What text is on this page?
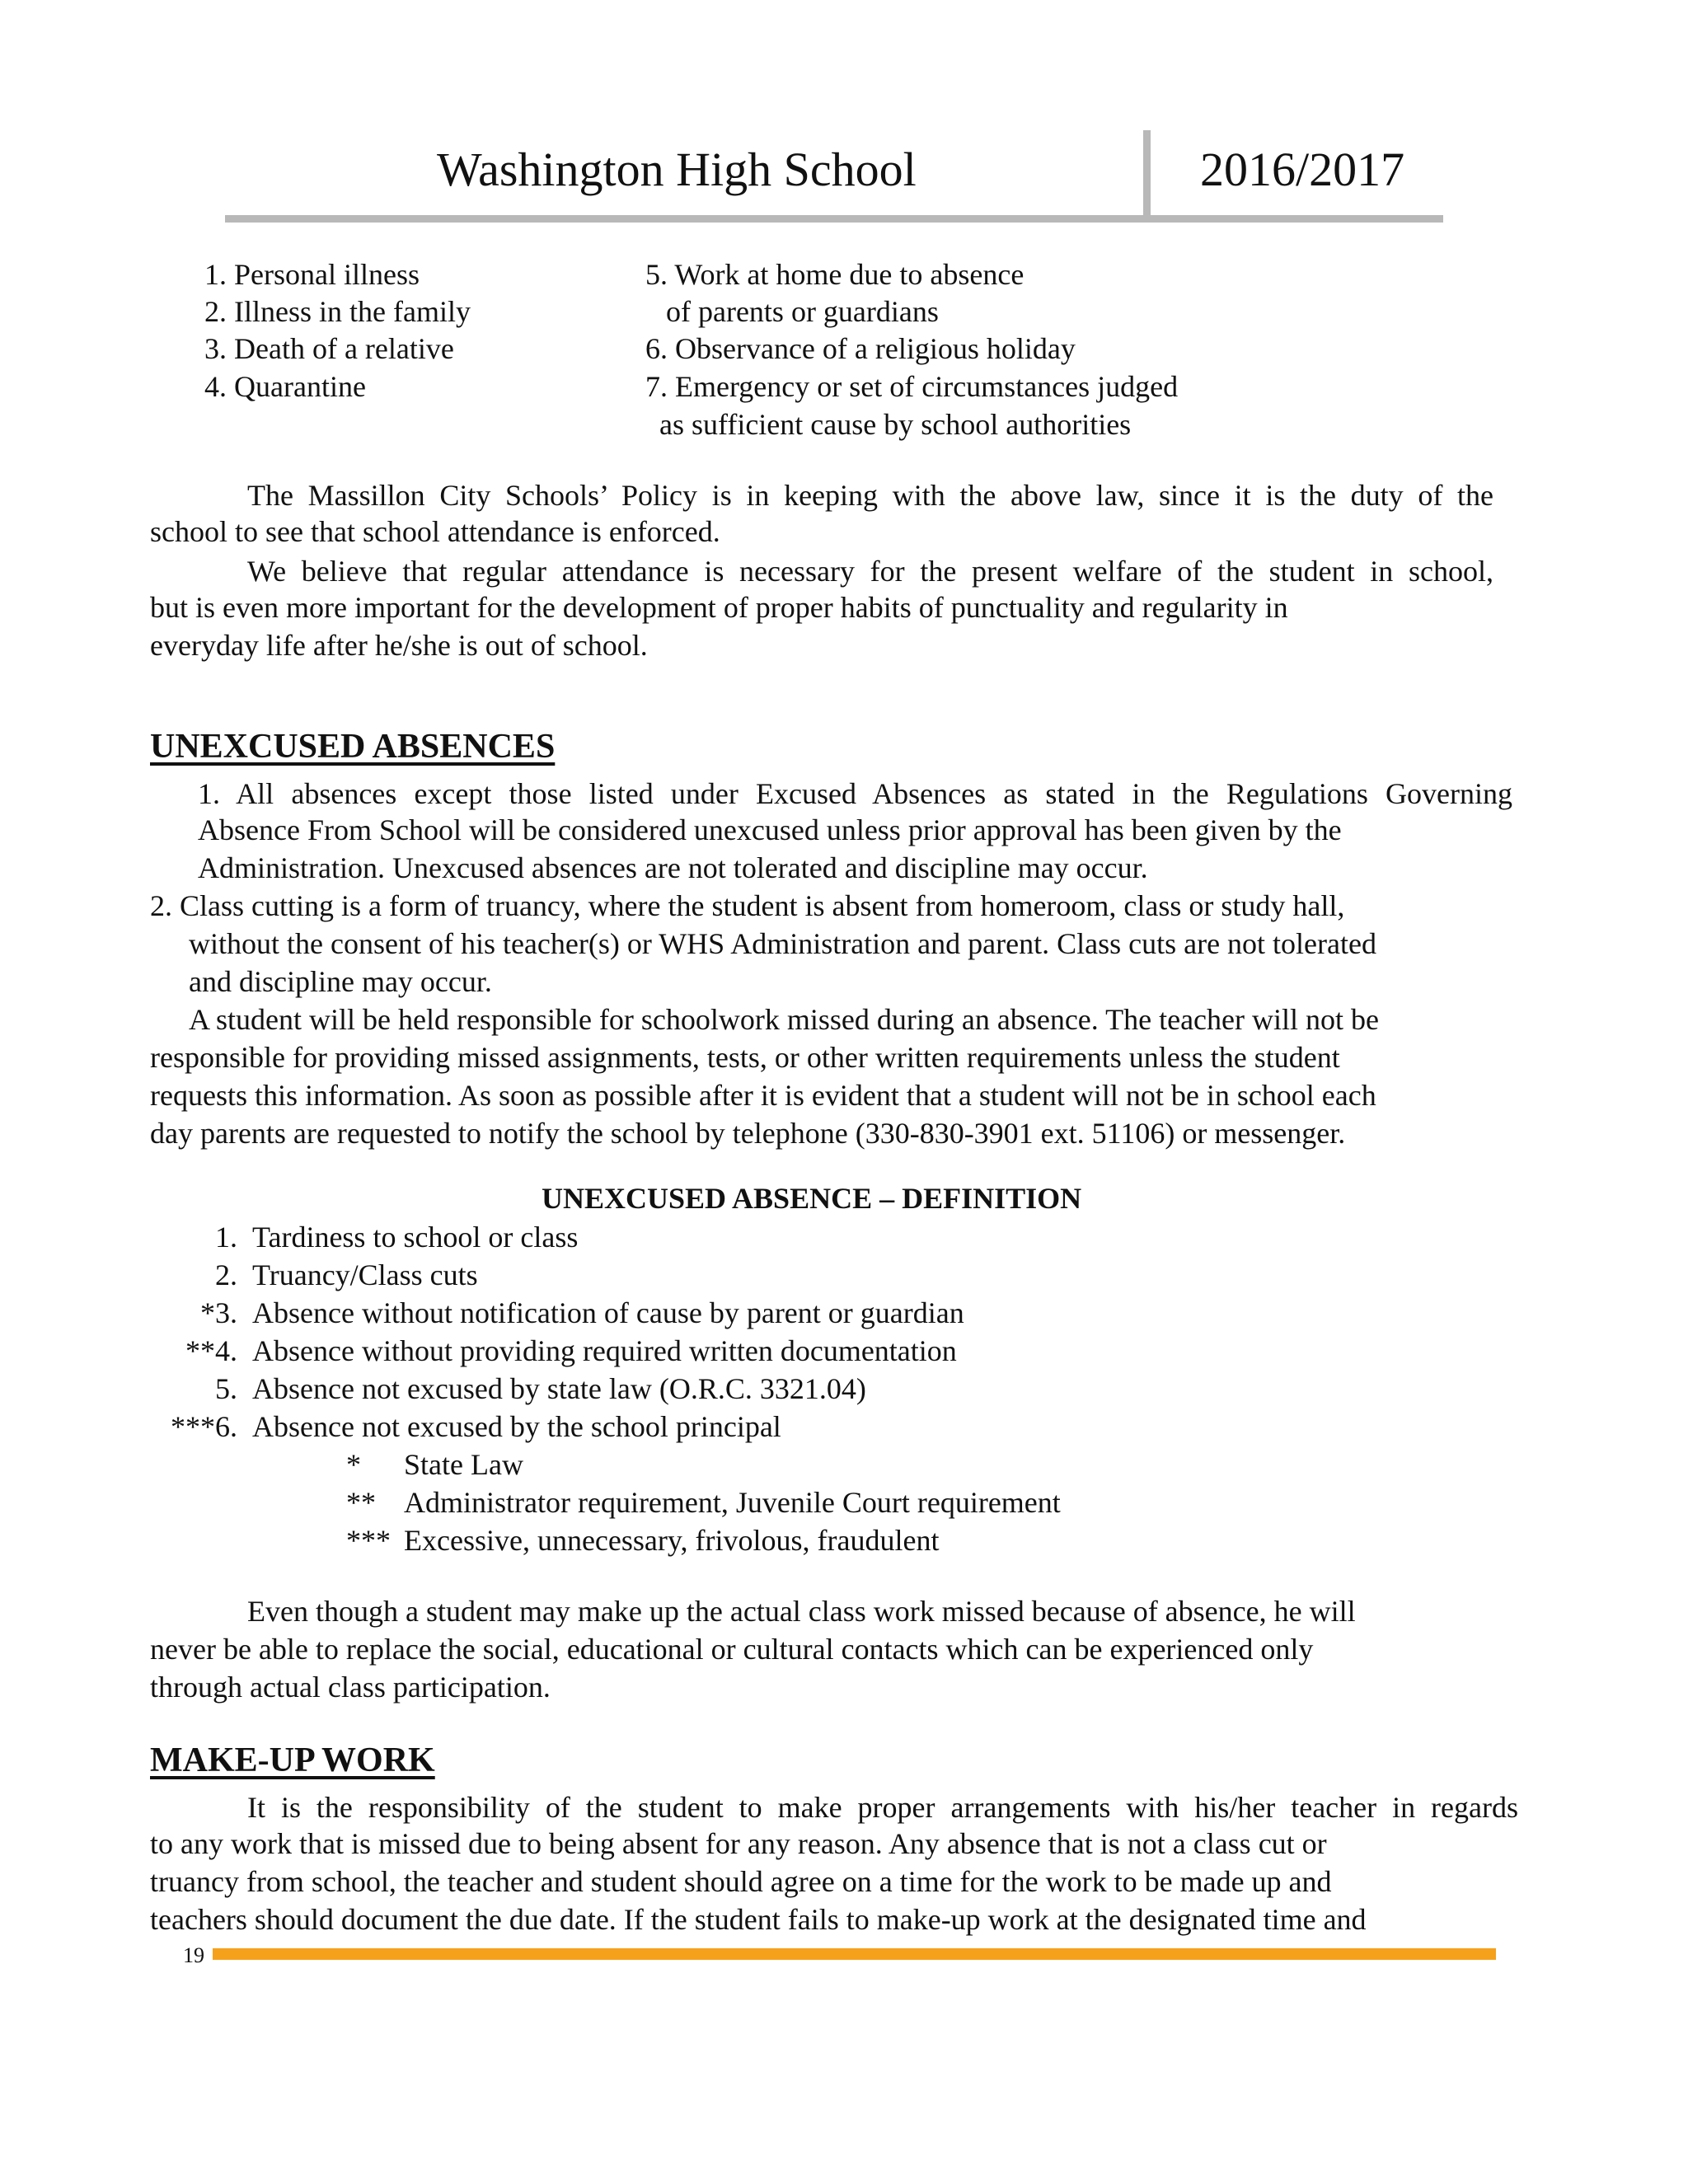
Washington High School	2016/2017
1. Personal illness
2. Illness in the family
3. Death of a relative
4. Quarantine
5. Work at home due to absence
of parents or guardians
6. Observance of a religious holiday
7. Emergency or set of circumstances judged
as sufficient cause by school authorities
The Massillon City Schools’ Policy is in keeping with the above law, since it is the duty of the
school to see that school attendance is enforced.
We believe that regular attendance is necessary for the present welfare of the student in school,
but is even more important for the development of proper habits of punctuality and regularity in
everyday life after he/she is out of school.
UNEXCUSED ABSENCES
1. All absences except those listed under Excused Absences as stated in the Regulations Governing
Absence From School will be considered unexcused unless prior approval has been given by the
Administration. Unexcused absences are not tolerated and discipline may occur.
2. Class cutting is a form of truancy, where the student is absent from homeroom, class or study hall,
without the consent of his teacher(s) or WHS Administration and parent. Class cuts are not tolerated
and discipline may occur.
A student will be held responsible for schoolwork missed during an absence. The teacher will not be
responsible for providing missed assignments, tests, or other written requirements unless the student
requests this information. As soon as possible after it is evident that a student will not be in school each
day parents are requested to notify the school by telephone (330-830-3901 ext. 51106) or messenger.
UNEXCUSED ABSENCE – DEFINITION
1. Tardiness to school or class
2. Truancy/Class cuts
*3. Absence without notification of cause by parent or guardian
**4. Absence without providing required written documentation
5. Absence not excused by state law (O.R.C. 3321.04)
***6. Absence not excused by the school principal
* State Law
** Administrator requirement, Juvenile Court requirement
*** Excessive, unnecessary, frivolous, fraudulent
Even though a student may make up the actual class work missed because of absence, he will
never be able to replace the social, educational or cultural contacts which can be experienced only
through actual class participation.
MAKE-UP WORK
It is the responsibility of the student to make proper arrangements with his/her teacher in regards
to any work that is missed due to being absent for any reason. Any absence that is not a class cut or
truancy from school, the teacher and student should agree on a time for the work to be made up and
teachers should document the due date. If the student fails to make-up work at the designated time and
19
